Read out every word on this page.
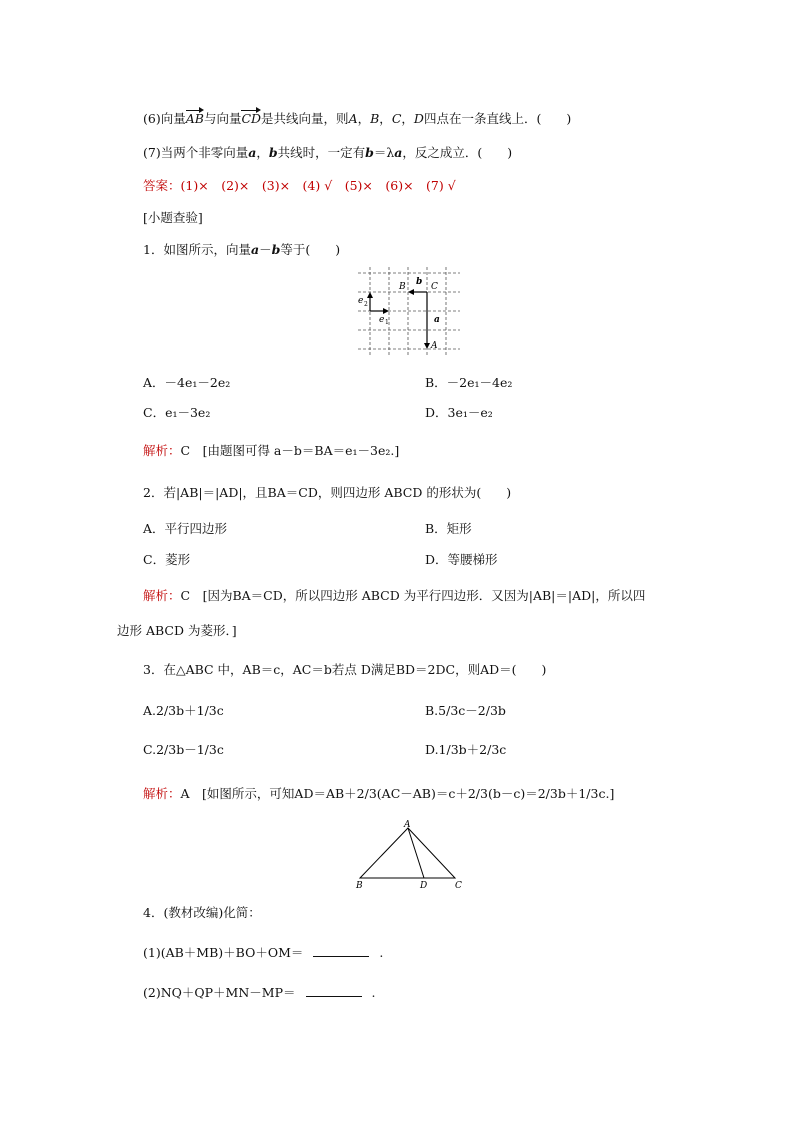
(6)向量AB与向量CD是共线向量，则A，B，C，D四点在一条直线上．(　　)
(7)当两个非零向量a，b共线时，一定有b＝λa，反之成立．(　　)
答案：(1)×　(2)×　(3)×　(4) √　(5)×　(6)×　(7) √
[小题查验]
1．如图所示，向量a－b等于(　　)
e 2
e 1
B b C
a
A
A．－4e₁－2e₂	B．－2e₁－4e₂
C．e₁－3e₂	D．3e₁－e₂
解析：C　[由题图可得 a－b＝BA＝e₁－3e₂.]
2．若|AB|＝|AD|，且BA＝CD，则四边形 ABCD 的形状为(　　)
A．平行四边形	B．矩形
C．菱形	D．等腰梯形
解析：C　[因为BA＝CD，所以四边形 ABCD 为平行四边形．又因为|AB|＝|AD|，所以四
边形 ABCD 为菱形．]
3．在△ABC 中，AB＝c，AC＝b若点 D满足BD＝2DC，则AD＝(　　)
A.2/3b＋1/3c	B.5/3c－2/3b
C.2/3b－1/3c	D.1/3b＋2/3c
解析：A　[如图所示，可知AD＝AB＋2/3(AC－AB)＝c＋2/3(b－c)＝2/3b＋1/3c.]
A
B	D	C
4．(教材改编)化简：
(1)(AB＋MB)＋BO＋OM＝	.
(2)NQ＋QP＋MN－MP＝	.
